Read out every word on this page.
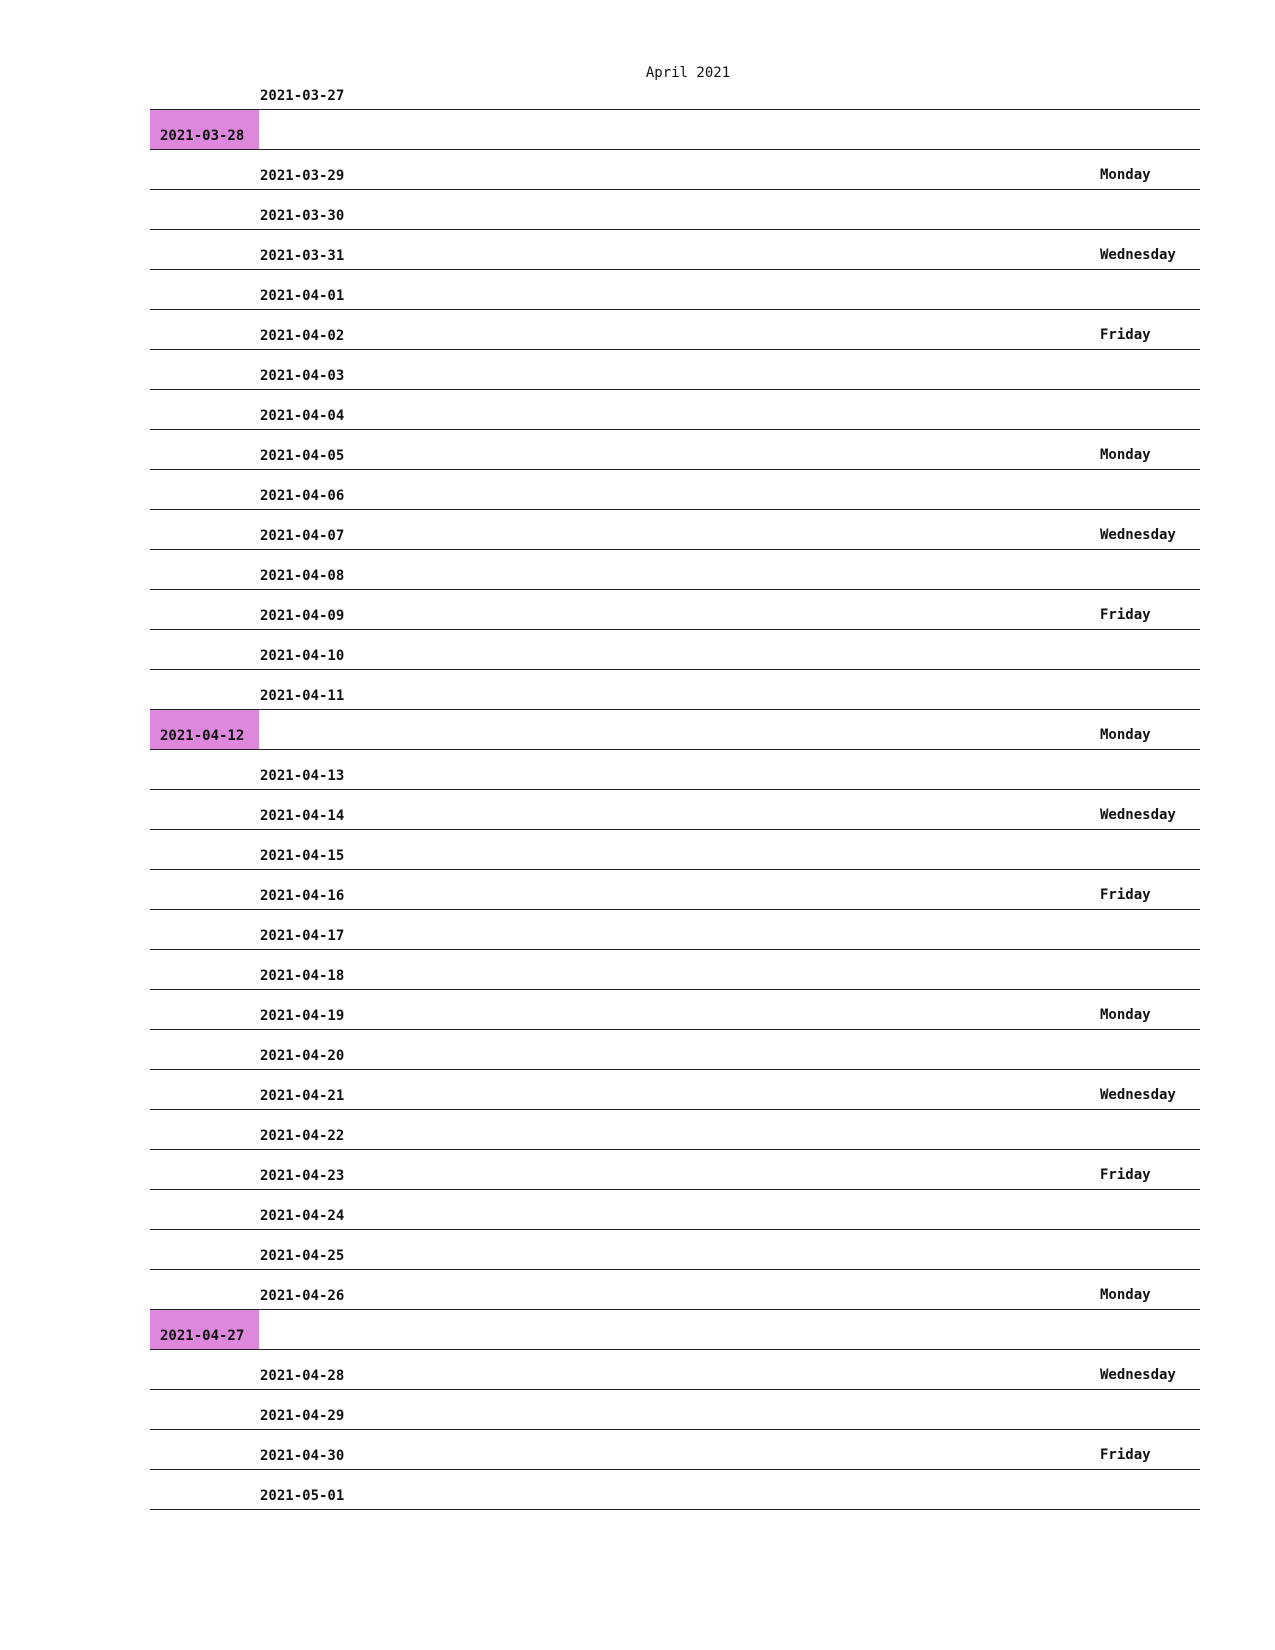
April 2021
2021-03-27
2021-03-28
2021-03-29	Monday
2021-03-30
2021-03-31	Wednesday
2021-04-01
2021-04-02	Friday
2021-04-03
2021-04-04
2021-04-05	Monday
2021-04-06
2021-04-07	Wednesday
2021-04-08
2021-04-09	Friday
2021-04-10
2021-04-11
2021-04-12	Monday
2021-04-13
2021-04-14	Wednesday
2021-04-15
2021-04-16	Friday
2021-04-17
2021-04-18
2021-04-19	Monday
2021-04-20
2021-04-21	Wednesday
2021-04-22
2021-04-23	Friday
2021-04-24
2021-04-25
2021-04-26	Monday
2021-04-27
2021-04-28	Wednesday
2021-04-29
2021-04-30	Friday
2021-05-01
